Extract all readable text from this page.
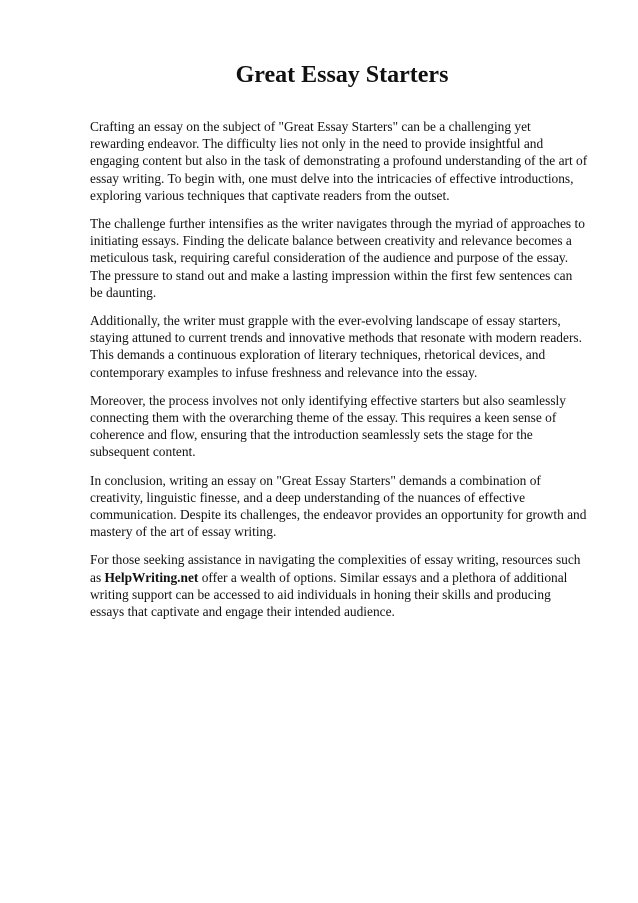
Great Essay Starters

Crafting an essay on the subject of "Great Essay Starters" can be a challenging yet rewarding endeavor. The difficulty lies not only in the need to provide insightful and engaging content but also in the task of demonstrating a profound understanding of the art of essay writing. To begin with, one must delve into the intricacies of effective introductions, exploring various techniques that captivate readers from the outset.

The challenge further intensifies as the writer navigates through the myriad of approaches to initiating essays. Finding the delicate balance between creativity and relevance becomes a meticulous task, requiring careful consideration of the audience and purpose of the essay. The pressure to stand out and make a lasting impression within the first few sentences can be daunting.

Additionally, the writer must grapple with the ever-evolving landscape of essay starters, staying attuned to current trends and innovative methods that resonate with modern readers. This demands a continuous exploration of literary techniques, rhetorical devices, and contemporary examples to infuse freshness and relevance into the essay.

Moreover, the process involves not only identifying effective starters but also seamlessly connecting them with the overarching theme of the essay. This requires a keen sense of coherence and flow, ensuring that the introduction seamlessly sets the stage for the subsequent content.

In conclusion, writing an essay on "Great Essay Starters" demands a combination of creativity, linguistic finesse, and a deep understanding of the nuances of effective communication. Despite its challenges, the endeavor provides an opportunity for growth and mastery of the art of essay writing.

For those seeking assistance in navigating the complexities of essay writing, resources such as HelpWriting.net offer a wealth of options. Similar essays and a plethora of additional writing support can be accessed to aid individuals in honing their skills and producing essays that captivate and engage their intended audience.
